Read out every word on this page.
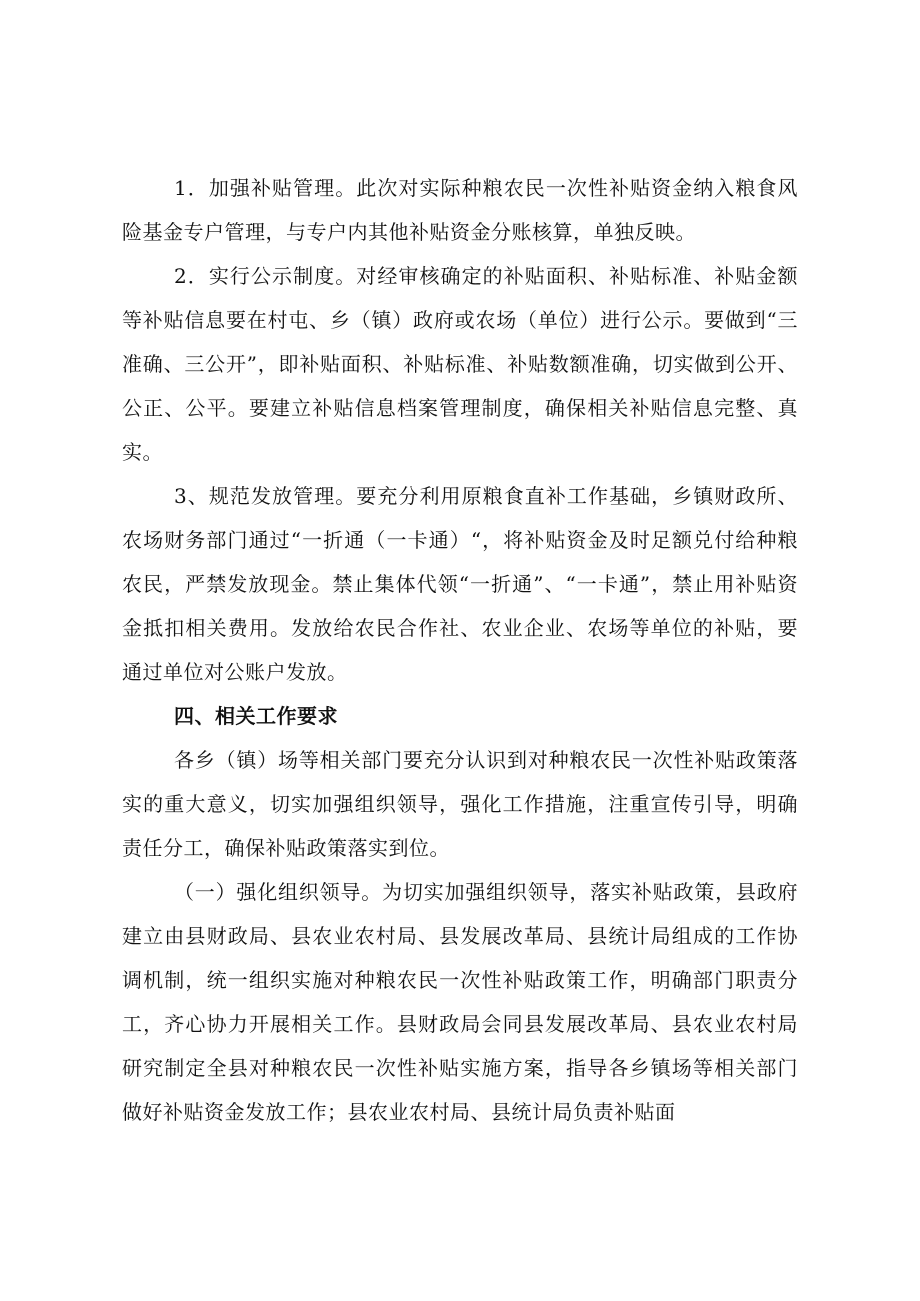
1．加强补贴管理。此次对实际种粮农民一次性补贴资金纳入粮食风险基金专户管理，与专户内其他补贴资金分账核算，单独反映。

2．实行公示制度。对经审核确定的补贴面积、补贴标准、补贴金额等补贴信息要在村屯、乡（镇）政府或农场（单位）进行公示。要做到“三准确、三公开”，即补贴面积、补贴标准、补贴数额准确，切实做到公开、公正、公平。要建立补贴信息档案管理制度，确保相关补贴信息完整、真实。

3、规范发放管理。要充分利用原粮食直补工作基础，乡镇财政所、农场财务部门通过“一折通（一卡通）“，将补贴资金及时足额兑付给种粮农民，严禁发放现金。禁止集体代领“一折通”、“一卡通”，禁止用补贴资金抵扣相关费用。发放给农民合作社、农业企业、农场等单位的补贴，要通过单位对公账户发放。

四、相关工作要求

各乡（镇）场等相关部门要充分认识到对种粮农民一次性补贴政策落实的重大意义，切实加强组织领导，强化工作措施，注重宣传引导，明确责任分工，确保补贴政策落实到位。

（一）强化组织领导。为切实加强组织领导，落实补贴政策，县政府建立由县财政局、县农业农村局、县发展改革局、县统计局组成的工作协调机制，统一组织实施对种粮农民一次性补贴政策工作，明确部门职责分工，齐心协力开展相关工作。县财政局会同县发展改革局、县农业农村局研究制定全县对种粮农民一次性补贴实施方案，指导各乡镇场等相关部门做好补贴资金发放工作；县农业农村局、县统计局负责补贴面
